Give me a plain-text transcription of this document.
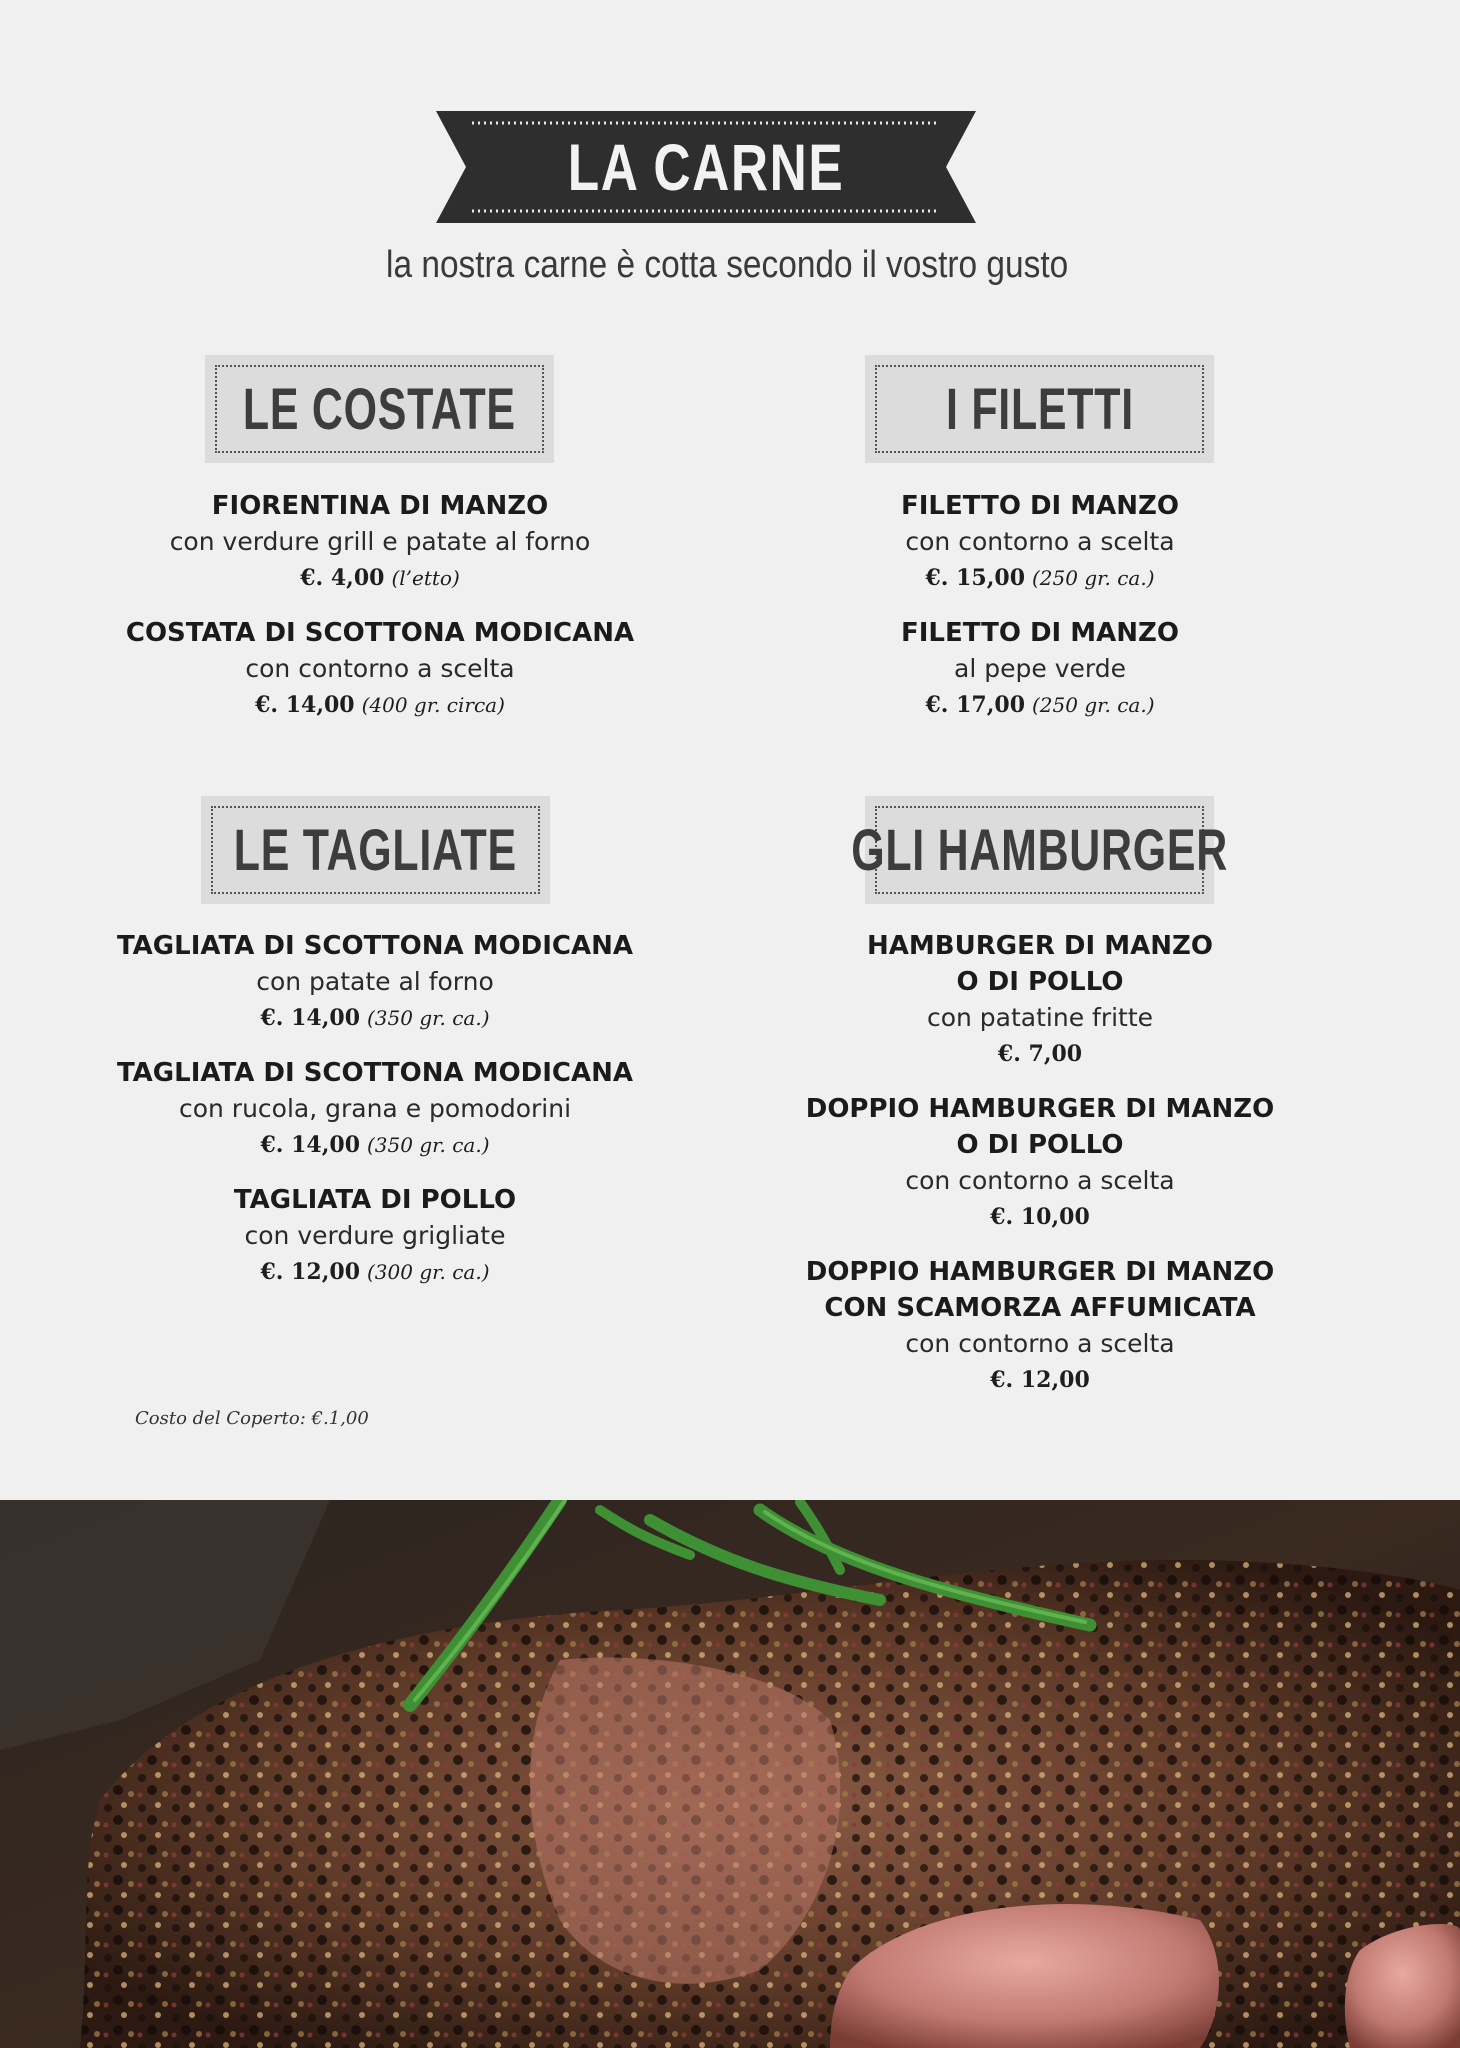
LA CARNE
la nostra carne è cotta secondo il vostro gusto
LE COSTATE
FIORENTINA DI MANZO
con verdure grill e patate al forno
€. 4,00 (l’etto)
COSTATA DI SCOTTONA MODICANA
con contorno a scelta
€. 14,00 (400 gr. circa)
I FILETTI
FILETTO DI MANZO
con contorno a scelta
€. 15,00 (250 gr. ca.)
FILETTO DI MANZO
al pepe verde
€. 17,00 (250 gr. ca.)
LE TAGLIATE
TAGLIATA DI SCOTTONA MODICANA
con patate al forno
€. 14,00 (350 gr. ca.)
TAGLIATA DI SCOTTONA MODICANA
con rucola, grana e pomodorini
€. 14,00 (350 gr. ca.)
TAGLIATA DI POLLO
con verdure grigliate
€. 12,00 (300 gr. ca.)
GLI HAMBURGER
HAMBURGER DI MANZO
O DI POLLO
con patatine fritte
€. 7,00
DOPPIO HAMBURGER DI MANZO
O DI POLLO
con contorno a scelta
€. 10,00
DOPPIO HAMBURGER DI MANZO
CON SCAMORZA AFFUMICATA
con contorno a scelta
€. 12,00
Costo del Coperto: €.1,00
